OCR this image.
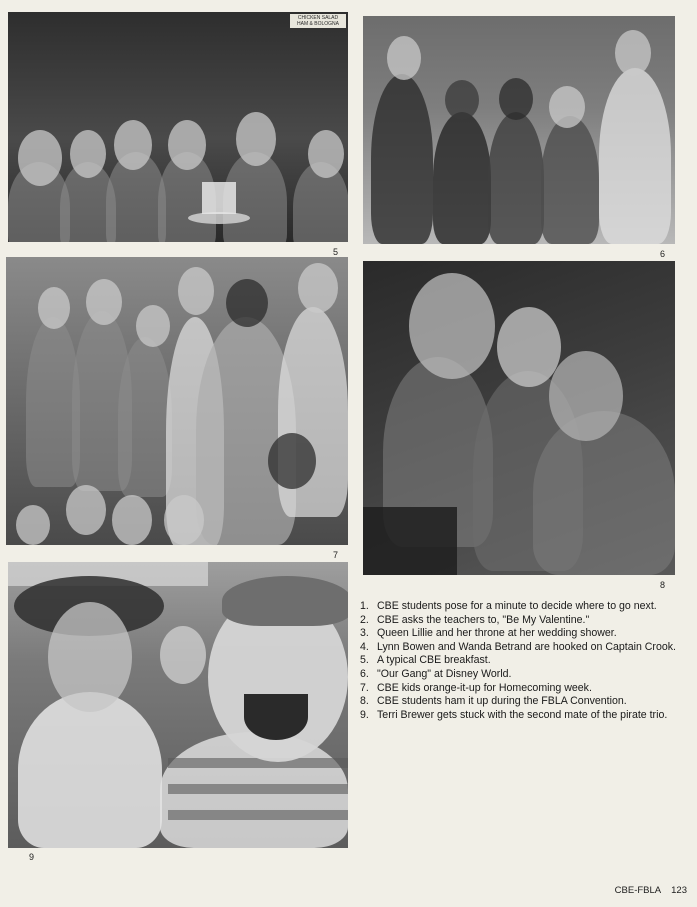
CHICKEN SALAD
HAM & BOLOGNA
5	6
7
8
9
1. CBE students pose for a minute to decide where to go next.
2. CBE asks the teachers to, "Be My Valentine."
3. Queen Lillie and her throne at her wedding shower.
4. Lynn Bowen and Wanda Betrand are hooked on Captain Crook.
5. A typical CBE breakfast.
6. "Our Gang" at Disney World.
7. CBE kids orange-it-up for Homecoming week.
8. CBE students ham it up during the FBLA Convention.
9. Terri Brewer gets stuck with the second mate of the pirate trio.
CBE-FBLA 123
